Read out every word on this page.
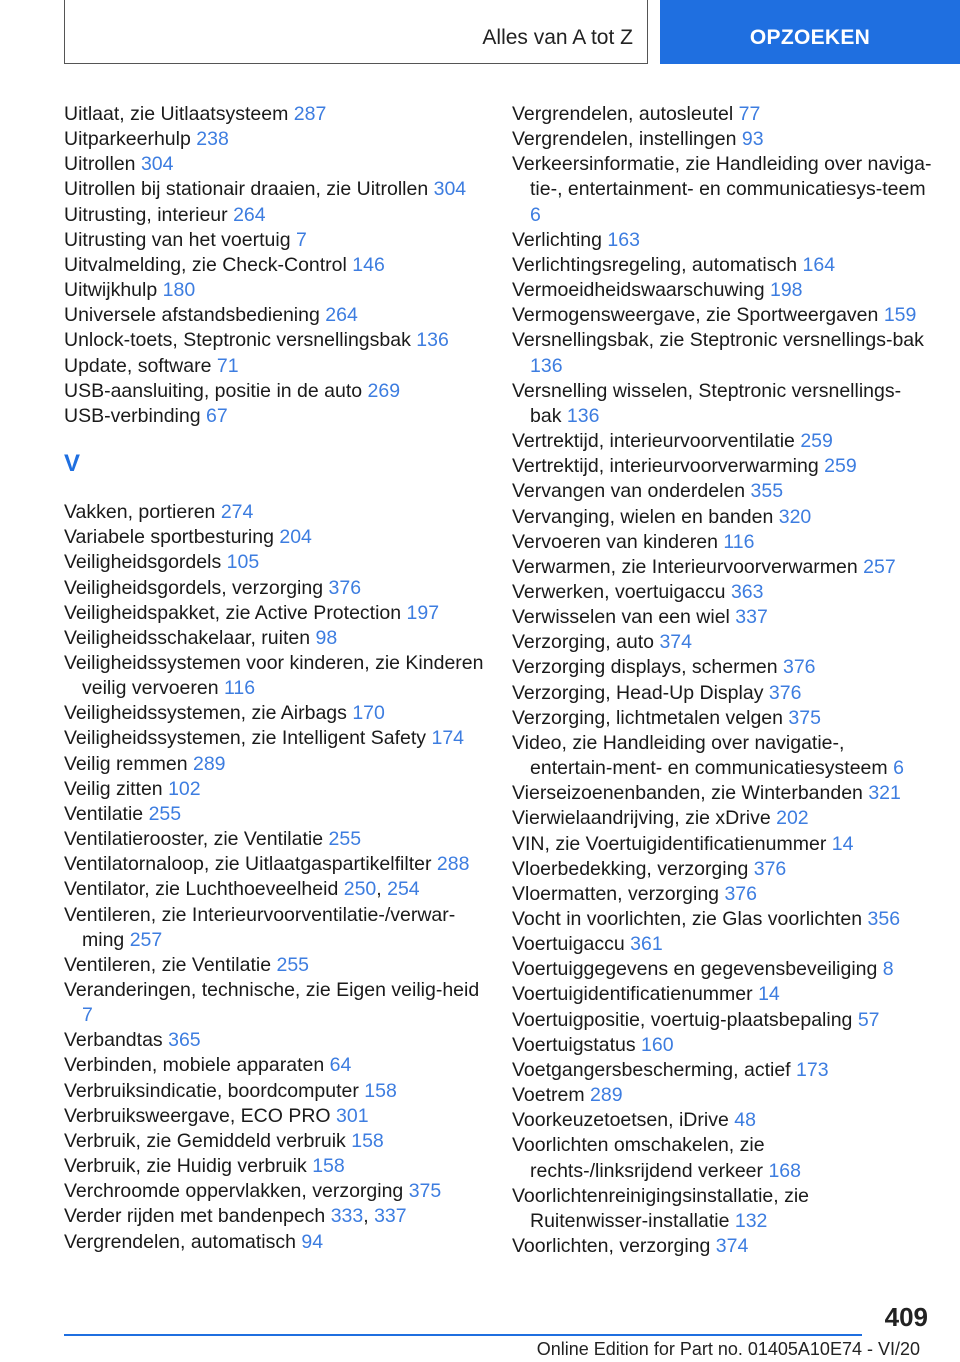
Alles van A tot Z	OPZOEKEN
Uitlaat, zie Uitlaatsysteem 287
Uitparkeerhulp 238
Uitrollen 304
Uitrollen bij stationair draaien, zie Uitrollen 304
Uitrusting, interieur 264
Uitrusting van het voertuig 7
Uitvalmelding, zie Check-Control 146
Uitwijkhulp 180
Universele afstandsbediening 264
Unlock-toets, Steptronic versnellingsbak 136
Update, software 71
USB-aansluiting, positie in de auto 269
USB-verbinding 67
V
Vakken, portieren 274
Variabele sportbesturing 204
Veiligheidsgordels 105
Veiligheidsgordels, verzorging 376
Veiligheidspakket, zie Active Protection 197
Veiligheidsschakelaar, ruiten 98
Veiligheidssystemen voor kinderen, zie Kinderen veilig vervoeren 116
Veiligheidssystemen, zie Airbags 170
Veiligheidssystemen, zie Intelligent Safety 174
Veilig remmen 289
Veilig zitten 102
Ventilatie 255
Ventilatierooster, zie Ventilatie 255
Ventilatornaloop, zie Uitlaatgaspartikelfilter 288
Ventilator, zie Luchthoeveelheid 250, 254
Ventileren, zie Interieurvoorventilatie-/verwar-ming 257
Ventileren, zie Ventilatie 255
Veranderingen, technische, zie Eigen veilig-heid 7
Verbandtas 365
Verbinden, mobiele apparaten 64
Verbruiksindicatie, boordcomputer 158
Verbruiksweergave, ECO PRO 301
Verbruik, zie Gemiddeld verbruik 158
Verbruik, zie Huidig verbruik 158
Verchroomde oppervlakken, verzorging 375
Verder rijden met bandenpech 333, 337
Vergrendelen, automatisch 94
Vergrendelen, autosleutel 77
Vergrendelen, instellingen 93
Verkeersinformatie, zie Handleiding over naviga-tie-, entertainment- en communicatiesys-teem 6
Verlichting 163
Verlichtingsregeling, automatisch 164
Vermoeidheidswaarschuwing 198
Vermogensweergave, zie Sportweergaven 159
Versnellingsbak, zie Steptronic versnellings-bak 136
Versnelling wisselen, Steptronic versnellings-bak 136
Vertrektijd, interieurvoorventilatie 259
Vertrektijd, interieurvoorverwarming 259
Vervangen van onderdelen 355
Vervanging, wielen en banden 320
Vervoeren van kinderen 116
Verwarmen, zie Interieurvoorverwarmen 257
Verwerken, voertuigaccu 363
Verwisselen van een wiel 337
Verzorging, auto 374
Verzorging displays, schermen 376
Verzorging, Head-Up Display 376
Verzorging, lichtmetalen velgen 375
Video, zie Handleiding over navigatie-, entertain-ment- en communicatiesysteem 6
Vierseizoenenbanden, zie Winterbanden 321
Vierwielaandrijving, zie xDrive 202
VIN, zie Voertuigidentificatienummer 14
Vloerbedekking, verzorging 376
Vloermatten, verzorging 376
Vocht in voorlichten, zie Glas voorlichten 356
Voertuigaccu 361
Voertuiggegevens en gegevensbeveiliging 8
Voertuigidentificatienummer 14
Voertuigpositie, voertuig-plaatsbepaling 57
Voertuigstatus 160
Voetgangersbescherming, actief 173
Voetrem 289
Voorkeuzetoetsen, iDrive 48
Voorlichten omschakelen, zie rechts-/linksrijdend verkeer 168
Voorlichtenreinigingsinstallatie, zie Ruitenwisser-installatie 132
Voorlichten, verzorging 374
409
Online Edition for Part no. 01405A10E74 - VI/20
